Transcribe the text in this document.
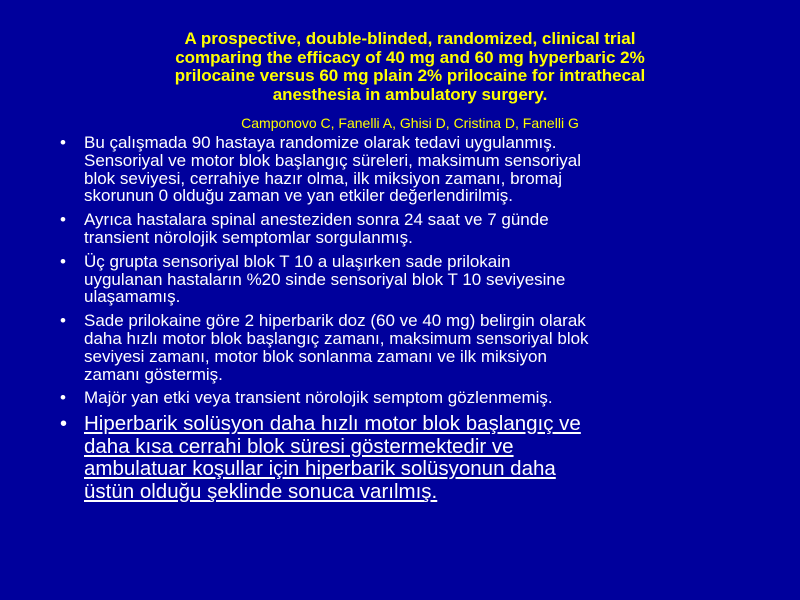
A prospective, double-blinded, randomized, clinical trial
comparing the efficacy of 40 mg and 60 mg hyperbaric 2%
prilocaine versus 60 mg plain 2% prilocaine for intrathecal
anesthesia in ambulatory surgery.
Camponovo C, Fanelli A, Ghisi D, Cristina D, Fanelli G
• Bu çalışmada 90 hastaya randomize olarak tedavi uygulanmış.
Sensoriyal ve motor blok başlangıç süreleri, maksimum sensoriyal
blok seviyesi, cerrahiye hazır olma, ilk miksiyon zamanı, bromaj
skorunun 0 olduğu zaman ve yan etkiler değerlendirilmiş.
• Ayrıca hastalara spinal anesteziden sonra 24 saat ve 7 günde
transient nörolojik semptomlar sorgulanmış.
• Üç grupta sensoriyal blok T 10 a ulaşırken sade prilokain
uygulanan hastaların %20 sinde sensoriyal blok T 10 seviyesine
ulaşamamış.
• Sade prilokaine göre 2 hiperbarik doz (60 ve 40 mg) belirgin olarak
daha hızlı motor blok başlangıç zamanı, maksimum sensoriyal blok
seviyesi zamanı, motor blok sonlanma zamanı ve ilk miksiyon
zamanı göstermiş.
• Majör yan etki veya transient nörolojik semptom gözlenmemiş.
• Hiperbarik solüsyon daha hızlı motor blok başlangıç ve
daha kısa cerrahi blok süresi göstermektedir ve
ambulatuar koşullar için hiperbarik solüsyonun daha
üstün olduğu şeklinde sonuca varılmış.
